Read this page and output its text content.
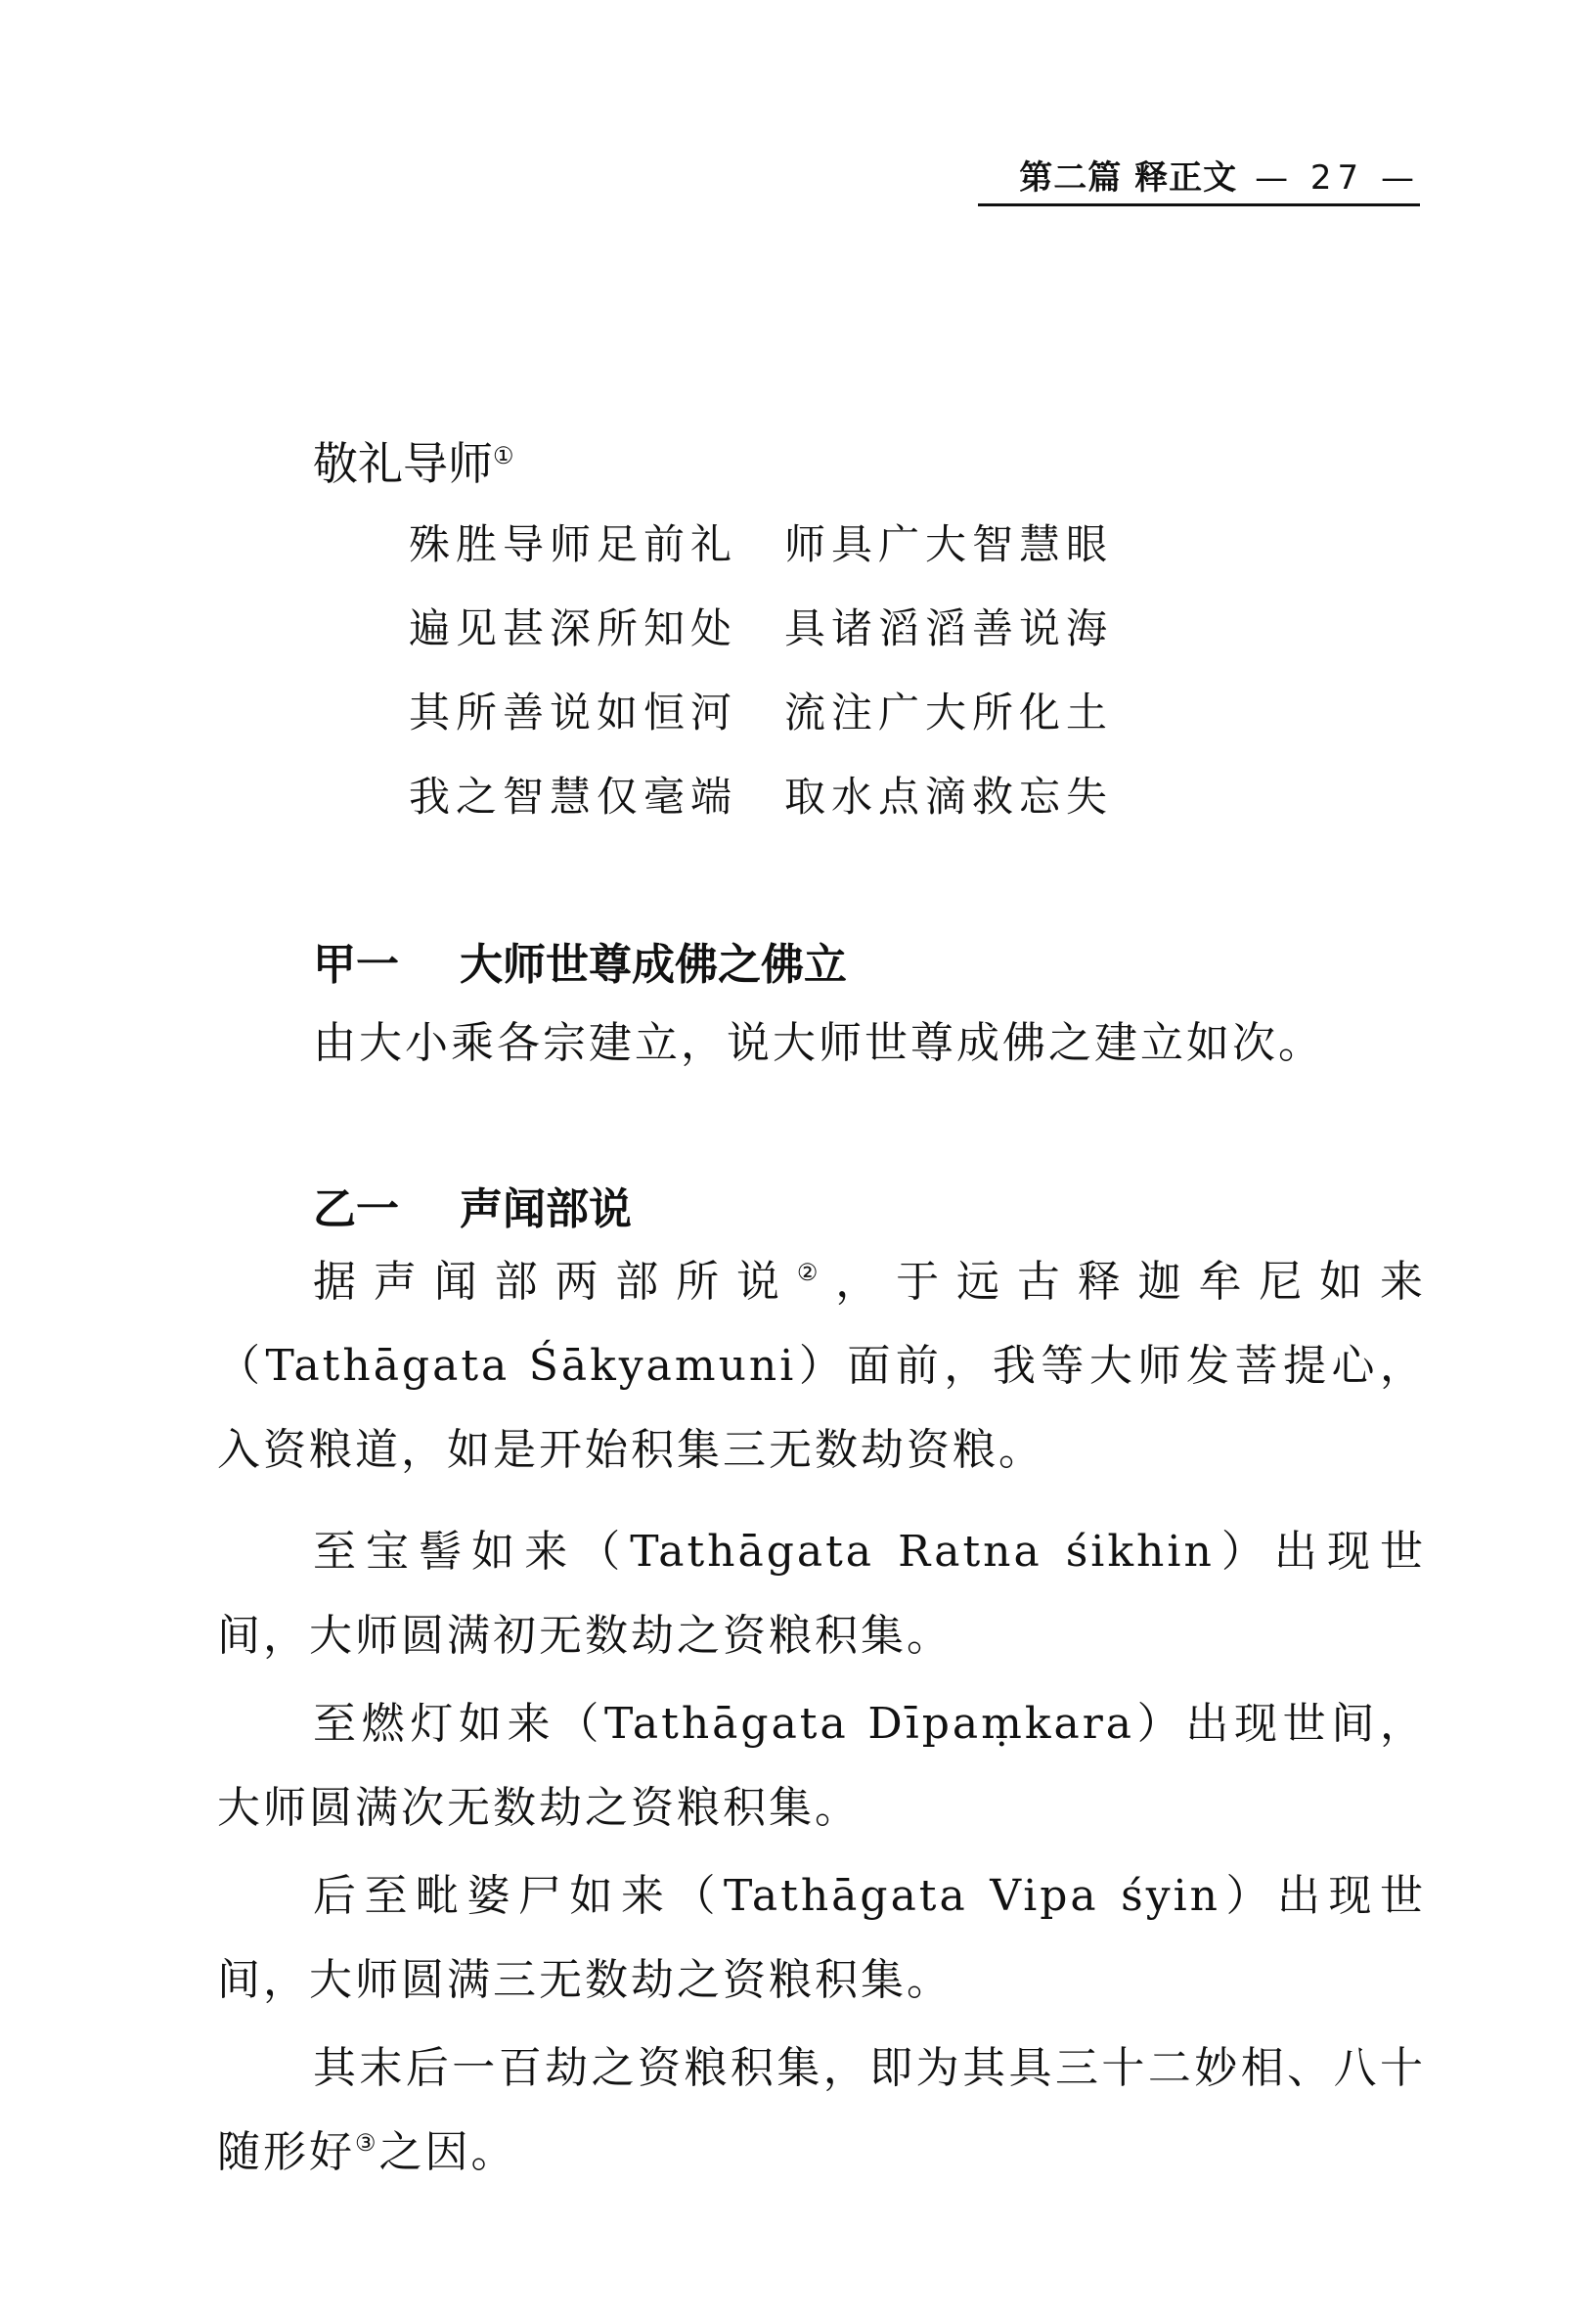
第二篇 释正文 — 27 —
敬礼导师①
殊胜导师足前礼 师具广大智慧眼
遍见甚深所知处 具诸滔滔善说海
其所善说如恒河 流注广大所化土
我之智慧仅毫端 取水点滴救忘失
甲一 大师世尊成佛之佛立
由大小乘各宗建立，说大师世尊成佛之建立如次。
乙一 声闻部说

据声闻部两部所说②，于远古释迦牟尼如来（Tathāgata Śākyamuni）面前，我等大师发菩提心，入资粮道，如是开始积集三无数劫资粮。

至宝髻如来（Tathāgata Ratna śikhin）出现世间，大师圆满初无数劫之资粮积集。

至燃灯如来（Tathāgata Dīpaṃkara）出现世间，大师圆满次无数劫之资粮积集。

后至毗婆尸如来（Tathāgata Vipa śyin）出现世间，大师圆满三无数劫之资粮积集。

其末后一百劫之资粮积集，即为其具三十二妙相、八十随形好③之因。
